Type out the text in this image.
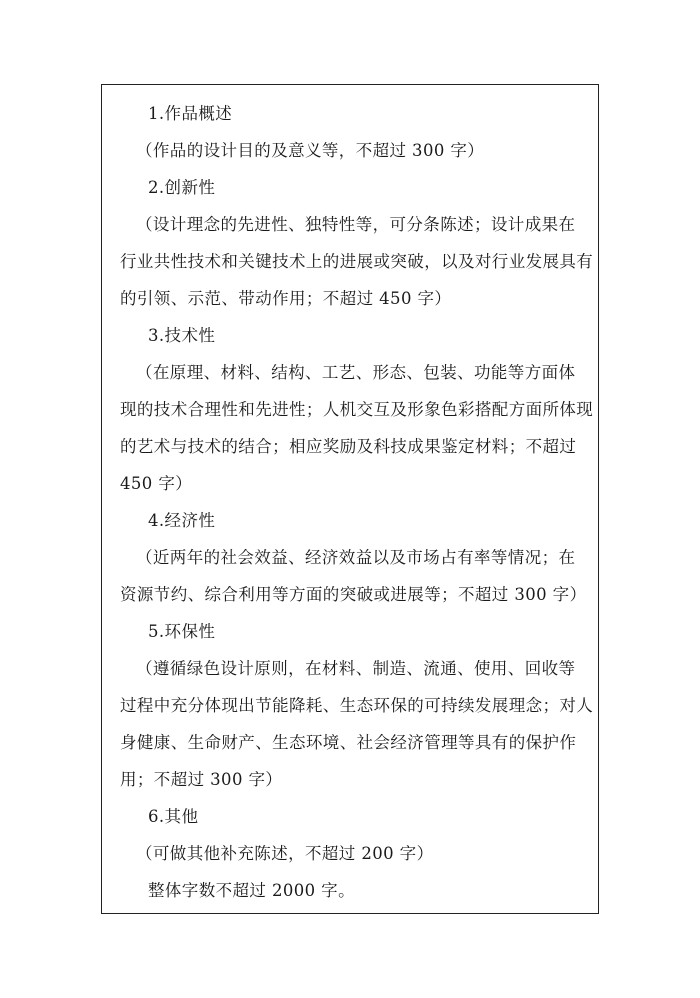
1.作品概述
（作品的设计目的及意义等，不超过 300 字）
2.创新性
（设计理念的先进性、独特性等，可分条陈述；设计成果在
行业共性技术和关键技术上的进展或突破，以及对行业发展具有
的引领、示范、带动作用；不超过 450 字）
3.技术性
（在原理、材料、结构、工艺、形态、包装、功能等方面体
现的技术合理性和先进性；人机交互及形象色彩搭配方面所体现
的艺术与技术的结合；相应奖励及科技成果鉴定材料；不超过
450 字）
4.经济性
（近两年的社会效益、经济效益以及市场占有率等情况；在
资源节约、综合利用等方面的突破或进展等；不超过 300 字）
5.环保性
（遵循绿色设计原则，在材料、制造、流通、使用、回收等
过程中充分体现出节能降耗、生态环保的可持续发展理念；对人
身健康、生命财产、生态环境、社会经济管理等具有的保护作
用；不超过 300 字）
6.其他
（可做其他补充陈述，不超过 200 字）
整体字数不超过 2000 字。
